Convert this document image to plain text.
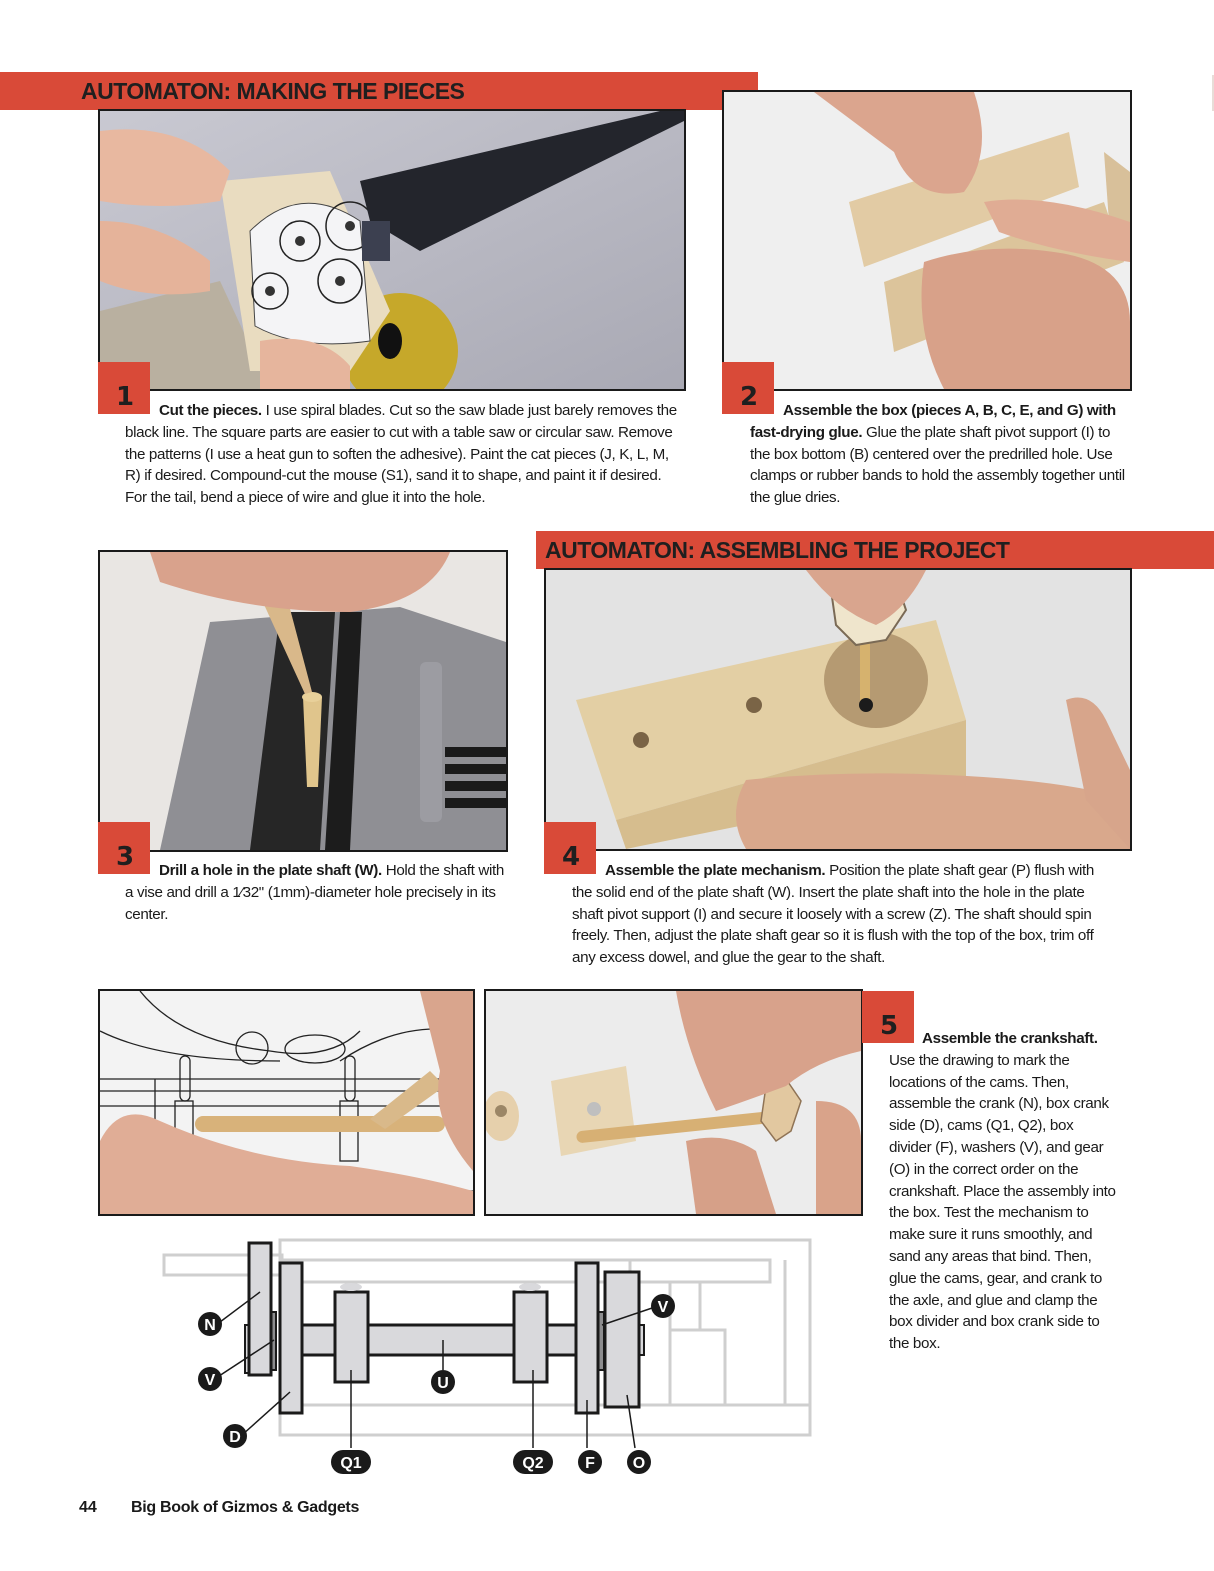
AUTOMATON: MAKING THE PIECES
1	Cut the pieces. I use spiral blades. Cut so the saw blade just barely removes the black line. The square parts are easier to cut with a table saw or circular saw. Remove the patterns (I use a heat gun to soften the adhesive). Paint the cat pieces (J, K, L, M, R) if desired. Compound-cut the mouse (S1), sand it to shape, and paint it if desired. For the tail, bend a piece of wire and glue it into the hole.
2	Assemble the box (pieces A, B, C, E, and G) with fast-drying glue. Glue the plate shaft pivot support (I) to the box bottom (B) centered over the predrilled hole. Use clamps or rubber bands to hold the assembly together until the glue dries.
3	Drill a hole in the plate shaft (W). Hold the shaft with a vise and drill a 1⁄32" (1mm)-diameter hole precisely in its center.
AUTOMATON: ASSEMBLING THE PROJECT
4	Assemble the plate mechanism. Position the plate shaft gear (P) flush with the solid end of the plate shaft (W). Insert the plate shaft into the hole in the plate shaft pivot support (I) and secure it loosely with a screw (Z). The shaft should spin freely. Then, adjust the plate shaft gear so it is flush with the top of the box, trim off any excess dowel, and glue the gear to the shaft.
5	Assemble the crankshaft. Use the drawing to mark the locations of the cams. Then, assemble the crank (N), box crank side (D), cams (Q1, Q2), box divider (F), washers (V), and gear (O) in the correct order on the crankshaft. Place the assembly into the box. Test the mechanism to make sure it runs smoothly, and sand any areas that bind. Then, glue the cams, gear, and crank to the axle, and glue and clamp the box divider and box crank side to the box.
N
V
D
U
Q1	Q2	F O
V
44 Big Book of Gizmos & Gadgets
